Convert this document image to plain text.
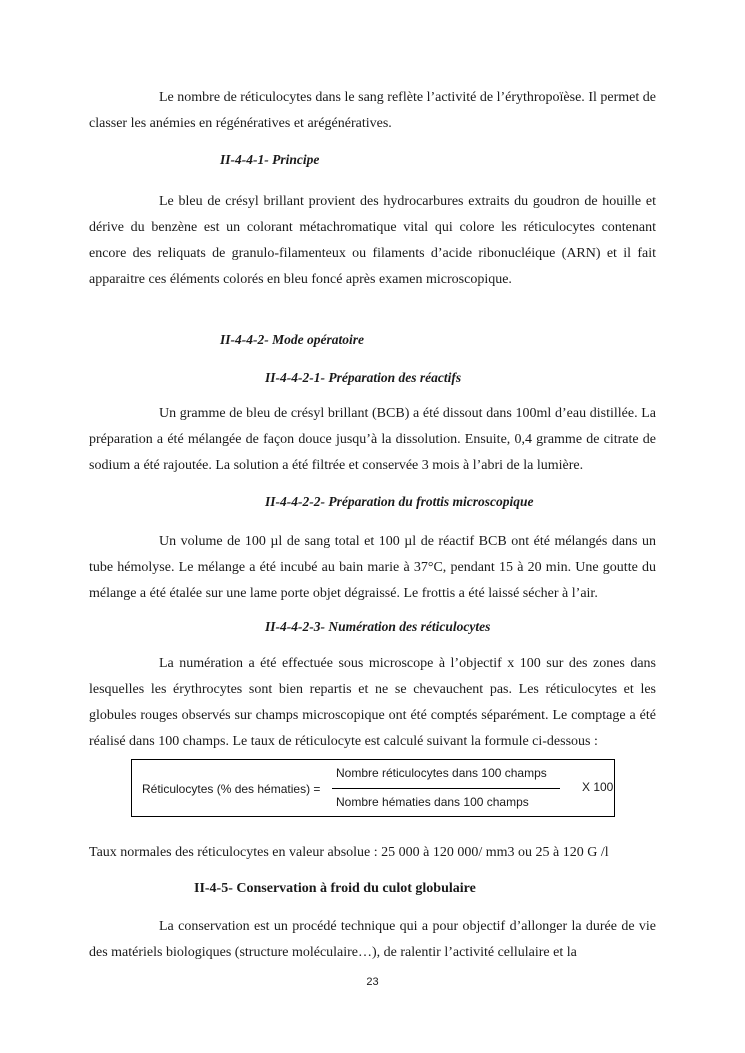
Le nombre de réticulocytes dans le sang reflète l’activité de l’érythropoïèse. Il permet de classer les anémies en régénératives et arégénératives.

II-4-4-1- Principe

Le bleu de crésyl brillant provient des hydrocarbures extraits du goudron de houille et dérive du benzène est un colorant métachromatique vital qui colore les réticulocytes contenant encore des reliquats de granulo-filamenteux ou filaments d’acide ribonucléique (ARN) et il fait apparaitre ces éléments colorés en bleu foncé après examen microscopique.

II-4-4-2- Mode opératoire

II-4-4-2-1- Préparation des réactifs

Un gramme de bleu de crésyl brillant (BCB) a été dissout dans 100ml d’eau distillée. La préparation a été mélangée de façon douce jusqu’à la dissolution. Ensuite, 0,4 gramme de citrate de sodium a été rajoutée. La solution a été filtrée et conservée 3 mois à l’abri de la lumière.

II-4-4-2-2- Préparation du frottis microscopique

Un volume de 100 µl de sang total et 100 µl de réactif BCB ont été mélangés dans un tube hémolyse. Le mélange a été incubé au bain marie à 37°C, pendant 15 à 20 min. Une goutte du mélange a été étalée sur une lame porte objet dégraissé. Le frottis a été laissé sécher à l’air.

II-4-4-2-3- Numération des réticulocytes

La numération a été effectuée sous microscope à l’objectif x 100 sur des zones dans lesquelles les érythrocytes sont bien repartis et ne se chevauchent pas. Les réticulocytes et les globules rouges observés sur champs microscopique ont été comptés séparément. Le comptage a été réalisé dans 100 champs. Le taux de réticulocyte est calculé suivant la formule ci-dessous :

Réticulocytes (% des hématies) =
Nombre réticulocytes dans 100 champs
Nombre hématies dans 100 champs
X 100

Taux normales des réticulocytes en valeur absolue : 25 000 à 120 000/ mm3 ou 25 à 120 G /l

II-4-5- Conservation à froid du culot globulaire

La conservation est un procédé technique qui a pour objectif d’allonger la durée de vie des matériels biologiques (structure moléculaire…), de ralentir l’activité cellulaire et la

23
